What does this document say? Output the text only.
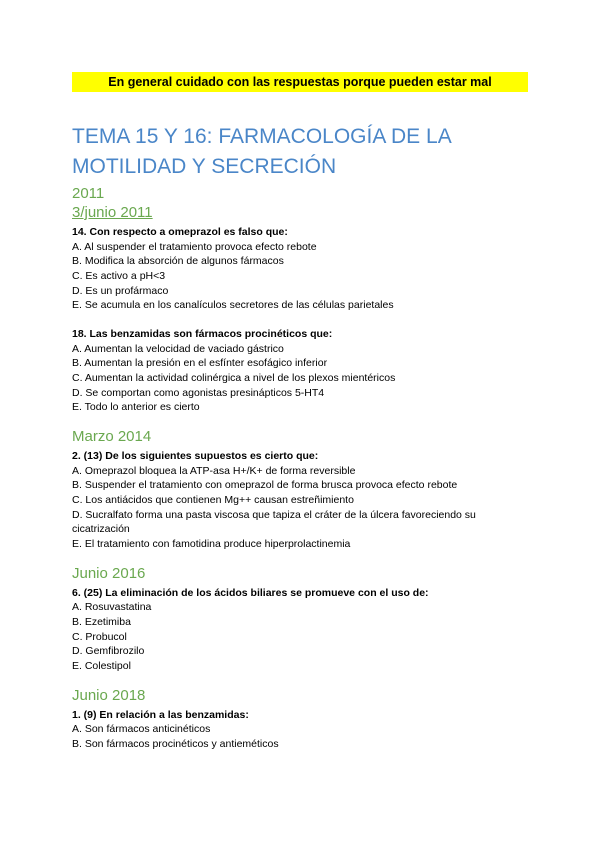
En general cuidado con las respuestas porque pueden estar mal
TEMA 15 Y 16: FARMACOLOGÍA DE LA
MOTILIDAD Y SECRECIÓN
2011
3/junio 2011

14. Con respecto a omeprazol es falso que:

A. Al suspender el tratamiento provoca efecto rebote
B. Modifica la absorción de algunos fármacos
C. Es activo a pH<3
D. Es un profármaco
E. Se acumula en los canalículos secretores de las células parietales

18. Las benzamidas son fármacos procinéticos que:

A. Aumentan la velocidad de vaciado gástrico
B. Aumentan la presión en el esfínter esofágico inferior
C. Aumentan la actividad colinérgica a nivel de los plexos mientéricos
D. Se comportan como agonistas presinápticos 5-HT4
E. Todo lo anterior es cierto
Marzo 2014

2. (13) De los siguientes supuestos es cierto que:

A. Omeprazol bloquea la ATP-asa H+/K+ de forma reversible
B. Suspender el tratamiento con omeprazol de forma brusca provoca efecto rebote
C. Los antiácidos que contienen Mg++ causan estreñimiento
D. Sucralfato forma una pasta viscosa que tapiza el cráter de la úlcera favoreciendo su
cicatrización
E. El tratamiento con famotidina produce hiperprolactinemia
Junio 2016

6. (25) La eliminación de los ácidos biliares se promueve con el uso de:

A. Rosuvastatina
B. Ezetimiba
C. Probucol
D. Gemfibrozilo
E. Colestipol
Junio 2018

1. (9) En relación a las benzamidas:

A. Son fármacos anticinéticos
B. Son fármacos procinéticos y antieméticos
